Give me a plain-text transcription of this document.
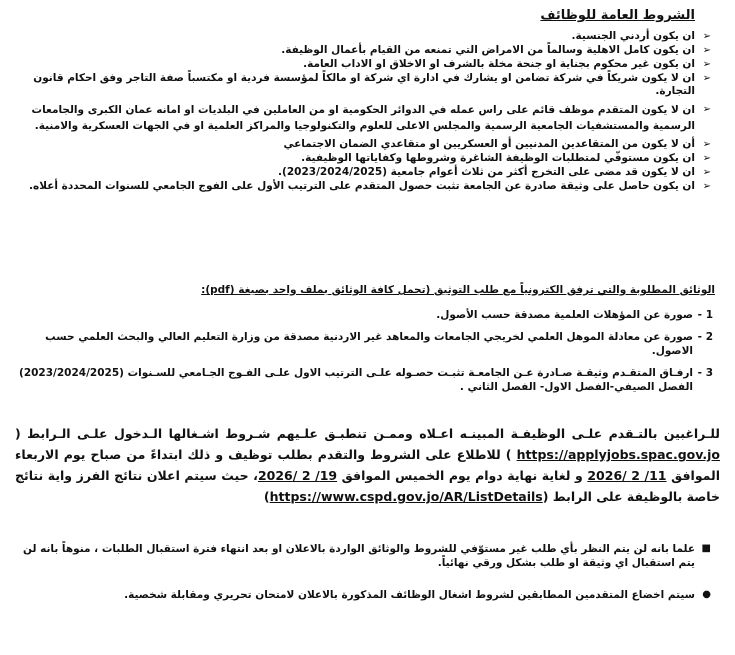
الشروط العامة للوظائف
➢
ان يكون أردني الجنسية.
➢
ان يكون كامل الاهلية وسالماً من الامراض التي تمنعه من القيام بأعمال الوظيفة.
➢
ان يكون غير محكوم بجناية او جنحة مخلة بالشرف او الاخلاق او الاداب العامة.
➢
ان لا يكون شريكاً في شركة تضامن او يشارك في ادارة اي شركة او مالكاً لمؤسسة فردية او مكتسباً صفة التاجر وفق احكام قانون التجارة.
➢
ان لا يكون المتقدم موظف قائم على راس عمله في الدوائر الحكومية او من العاملين في البلديات او امانه عمان الكبرى والجامعات الرسمية والمستشفيات الجامعية الرسمية والمجلس الاعلى للعلوم والتكنولوجيا والمراكز العلمية او في الجهات العسكرية والامنية.
➢
أن لا يكون من المتقاعدين المدنيين أو العسكريين او متقاعدي الضمان الاجتماعي
➢
ان يكون مستوفّي لمتطلبات الوظيفة الشاغرة وشروطها وكفاياتها الوظيفية.
➢
ان لا يكون قد مضى على التخرج أكثر من ثلاث أعوام جامعية (2023/2024/2025).
➢
ان يكون حاصل على وثيقة صادرة عن الجامعة تثبت حصول المتقدم على الترتيب الأول على الفوج الجامعي للسنوات المحددة أعلاه.

الوثائق المطلوبة والتي ترفق الكترونياً مع طلب التوثيق (تحمل كافة الوثائق بملف واحد بصيغة (pdf):

1 -
صورة عن المؤهلات العلمية مصدقة حسب الأصول.
2 -
صورة عن معادلة الموهل العلمي لخريجي الجامعات والمعاهد غير الاردنية مصدقة من وزارة التعليم العالي والبحث العلمي حسب الاصول.
3 -
ارفـاق المتقـدم وثيقـة صـادرة عـن الجامعـة تثبـت حصـوله علـى الترتيب الاول علـى الفـوج الجـامعي للسـنوات (2023/2024/2025) الفصل الصيفي-الفصل الاول- الفصل الثاني .

للـراغبين بالتـقدم علـى الوظيفـة المبينـه اعـلاه وممـن تنطبـق علـيهم شـروط اشـغالها الـدخول علـى الـرابط ( https://applyjobs.spac.gov.jo ) للاطلاع على الشروط والتقدم بطلب توظيف و ذلك ابتداءً من صباح يوم الاربعاء الموافق 11/ 2 /2026 و لغاية نهاية دوام يوم الخميس الموافق 19/ 2 /2026، حيث سيتم اعلان نتائج الفرز واية نتائج خاصة بالوظيفة على الرابط (https://www.cspd.gov.jo/AR/ListDetails)

■
علما بانه لن يتم النظر بأي طلب غير مستوّفي للشروط والوثائق الواردة بالاعلان او بعد انتهاء فترة استقبال الطلبات ، منوهاً بانه لن يتم استقبال اي وثيقة او طلب بشكل ورقي نهائياً.
●
سيتم اخضاع المتقدمين المطابقين لشروط اشغال الوظائف المذكورة بالاعلان لامتحان تحريري ومقابلة شخصية.
